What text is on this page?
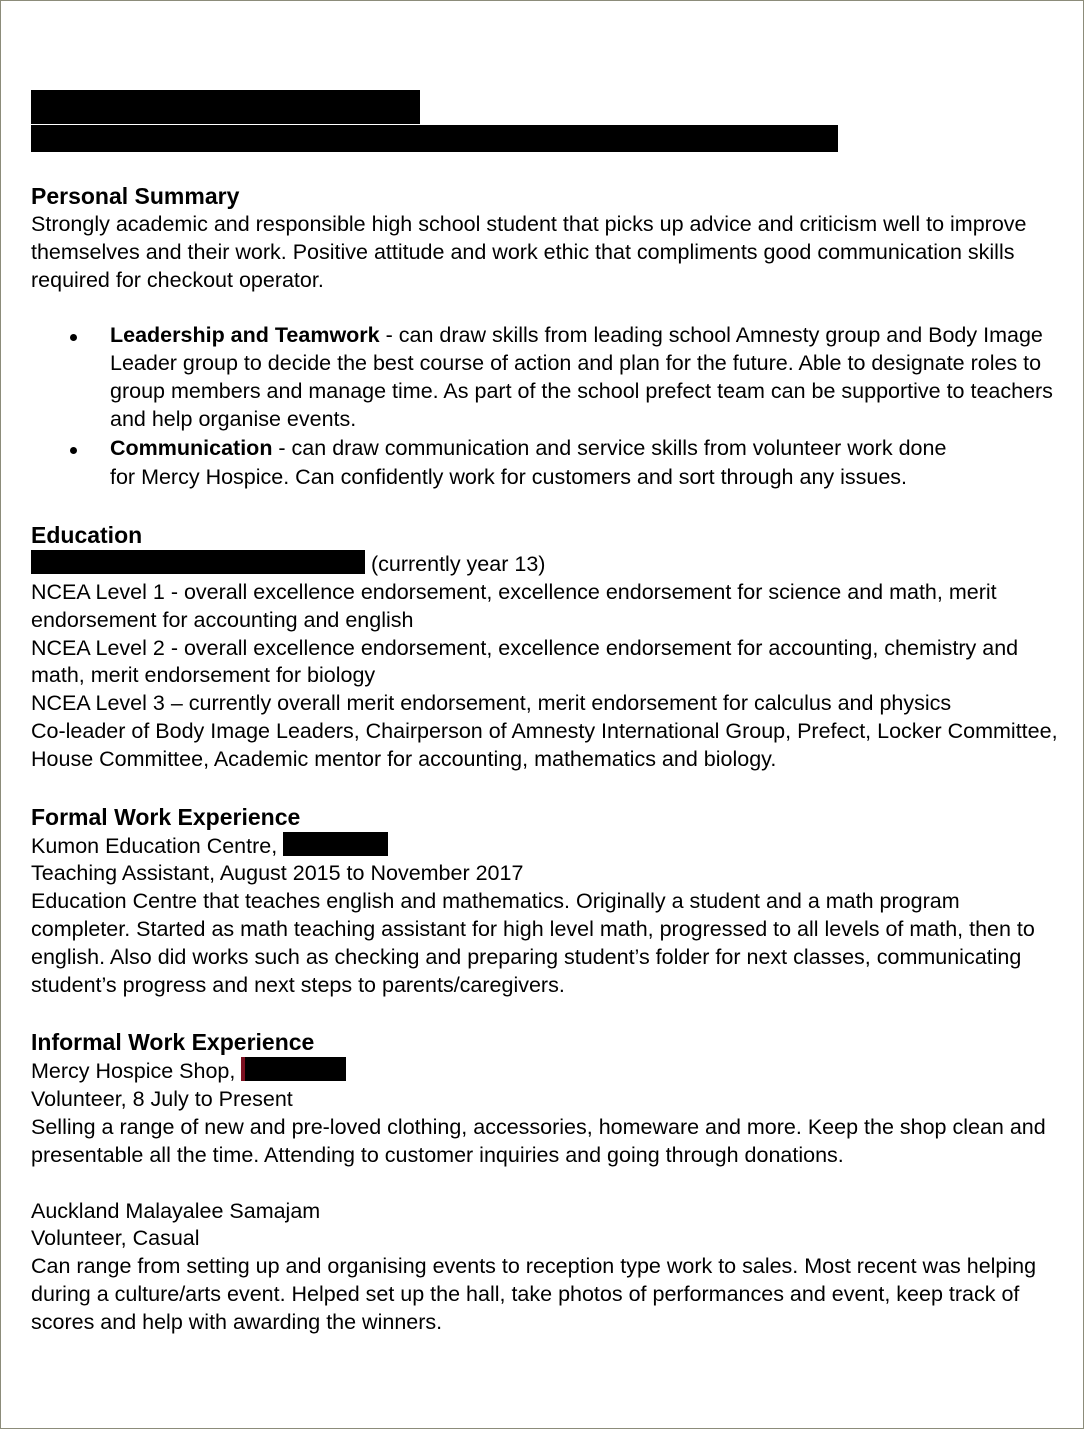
Personal Summary

Strongly academic and responsible high school student that picks up advice and criticism well to improve themselves and their work. Positive attitude and work ethic that compliments good communication skills required for checkout operator.

Leadership and Teamwork - can draw skills from leading school Amnesty group and Body Image Leader group to decide the best course of action and plan for the future. Able to designate roles to group members and manage time. As part of the school prefect team can be supportive to teachers and help organise events.
Communication - can draw communication and service skills from volunteer work done
for Mercy Hospice. Can confidently work for customers and sort through any issues.
Education
(currently year 13)

NCEA Level 1 - overall excellence endorsement, excellence endorsement for science and math, merit endorsement for accounting and english

NCEA Level 2 - overall excellence endorsement, excellence endorsement for accounting, chemistry and math, merit endorsement for biology

NCEA Level 3 – currently overall merit endorsement, merit endorsement for calculus and physics

Co-leader of Body Image Leaders, Chairperson of Amnesty International Group, Prefect, Locker Committee, House Committee, Academic mentor for accounting, mathematics and biology.

Formal Work Experience
Kumon Education Centre,

Teaching Assistant, August 2015 to November 2017

Education Centre that teaches english and mathematics. Originally a student and a math program completer. Started as math teaching assistant for high level math, progressed to all levels of math, then to english. Also did works such as checking and preparing student’s folder for next classes, communicating student’s progress and next steps to parents/caregivers.

Informal Work Experience
Mercy Hospice Shop,

Volunteer, 8 July to Present

Selling a range of new and pre-loved clothing, accessories, homeware and more. Keep the shop clean and presentable all the time. Attending to customer inquiries and going through donations.

Auckland Malayalee Samajam

Volunteer, Casual

Can range from setting up and organising events to reception type work to sales. Most recent was helping during a culture/arts event. Helped set up the hall, take photos of performances and event, keep track of scores and help with awarding the winners.
